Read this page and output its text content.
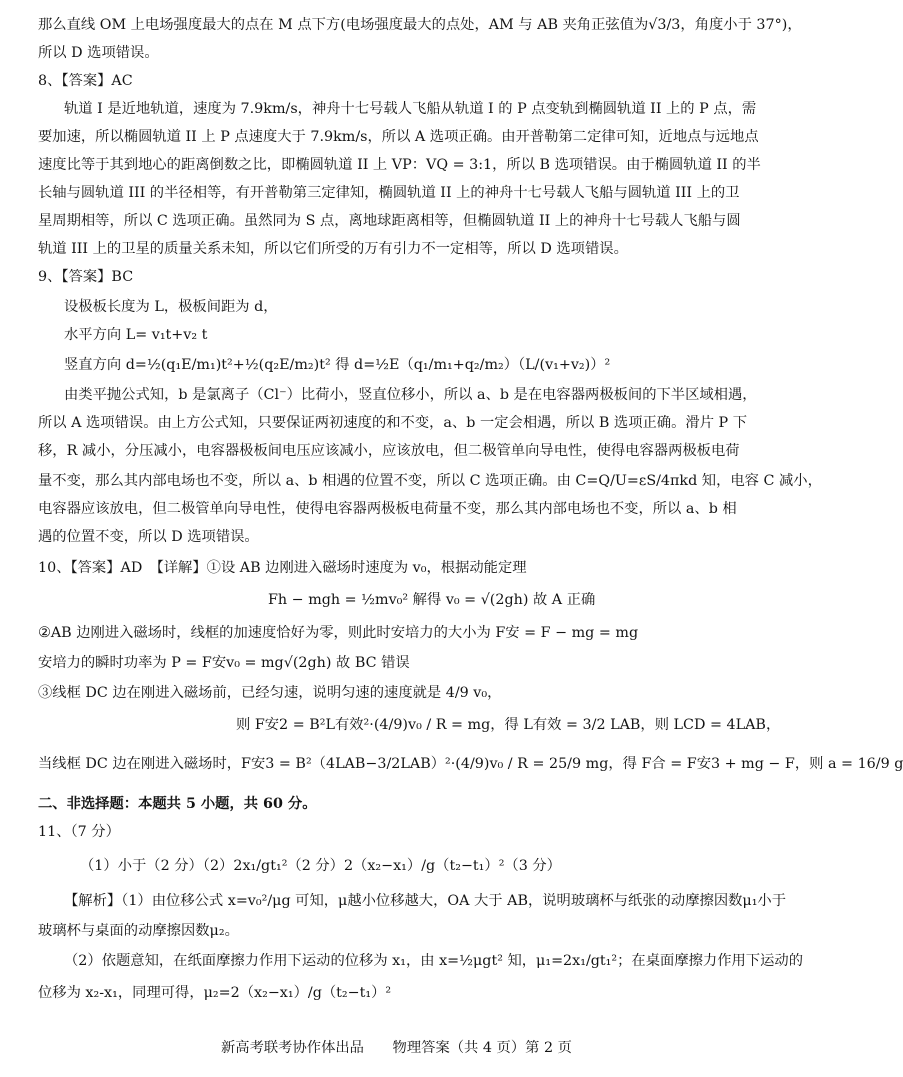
那么直线 OM 上电场强度最大的点在 M 点下方(电场强度最大的点处，AM 与 AB 夹角正弦值为√3/3，角度小于 37°)，
所以 D 选项错误。
8、【答案】AC
轨道 I 是近地轨道，速度为 7.9km/s，神舟十七号载人飞船从轨道 I 的 P 点变轨到椭圆轨道 II 上的 P 点，需
要加速，所以椭圆轨道 II 上 P 点速度大于 7.9km/s，所以 A 选项正确。由开普勒第二定律可知，近地点与远地点
速度比等于其到地心的距离倒数之比，即椭圆轨道 II 上 VP：VQ = 3:1，所以 B 选项错误。由于椭圆轨道 II 的半
长轴与圆轨道 III 的半径相等，有开普勒第三定律知，椭圆轨道 II 上的神舟十七号载人飞船与圆轨道 III 上的卫
星周期相等，所以 C 选项正确。虽然同为 S 点，离地球距离相等，但椭圆轨道 II 上的神舟十七号载人飞船与圆
轨道 III 上的卫星的质量关系未知，所以它们所受的万有引力不一定相等，所以 D 选项错误。
9、【答案】BC
设极板长度为 L，极板间距为 d，
水平方向 L= v₁t+v₂ t
竖直方向 d=½(q₁E/m₁)t²+½(q₂E/m₂)t² 得 d=½E（q₁/m₁+q₂/m₂）（L/(v₁+v₂)）²
由类平抛公式知，b 是氯离子（Cl⁻）比荷小，竖直位移小，所以 a、b 是在电容器两极板间的下半区域相遇，
所以 A 选项错误。由上方公式知，只要保证两初速度的和不变，a、b 一定会相遇，所以 B 选项正确。滑片 P 下
移，R 减小，分压减小，电容器极板间电压应该减小，应该放电，但二极管单向导电性，使得电容器两极板电荷
量不变，那么其内部电场也不变，所以 a、b 相遇的位置不变，所以 C 选项正确。由 C=Q/U=εS/4πkd 知，电容 C 减小，
电容器应该放电，但二极管单向导电性，使得电容器两极板电荷量不变，那么其内部电场也不变，所以 a、b 相
遇的位置不变，所以 D 选项错误。
10、【答案】AD　【详解】①设 AB 边刚进入磁场时速度为 v₀，根据动能定理
Fh − mgh = ½mv₀² 解得 v₀ = √(2gh) 故 A 正确
②AB 边刚进入磁场时，线框的加速度恰好为零，则此时安培力的大小为 F安 = F − mg = mg
安培力的瞬时功率为 P = F安v₀ = mg√(2gh) 故 BC 错误
③线框 DC 边在刚进入磁场前，已经匀速，说明匀速的速度就是 4/9 v₀，
则 F安2 = B²L有效²·(4/9)v₀ / R = mg，得 L有效 = 3/2 LAB，则 LCD = 4LAB，
当线框 DC 边在刚进入磁场时，F安3 = B²（4LAB−3/2LAB）²·(4/9)v₀ / R = 25/9 mg，得 F合 = F安3 + mg − F，则 a = 16/9 g
二、非选择题：本题共 5 小题，共 60 分。
11、（7 分）
（1）小于（2 分）（2）2x₁/gt₁²（2 分）2（x₂−x₁）/g（t₂−t₁）²（3 分）
【解析】（1）由位移公式 x=v₀²/μg 可知，μ越小位移越大，OA 大于 AB，说明玻璃杯与纸张的动摩擦因数μ₁小于
玻璃杯与桌面的动摩擦因数μ₂。
（2）依题意知，在纸面摩擦力作用下运动的位移为 x₁，由 x=½μgt² 知，μ₁=2x₁/gt₁²；在桌面摩擦力作用下运动的
位移为 x₂-x₁，同理可得，μ₂=2（x₂−x₁）/g（t₂−t₁）²
新高考联考协作体出品　　物理答案（共 4 页）第 2 页
